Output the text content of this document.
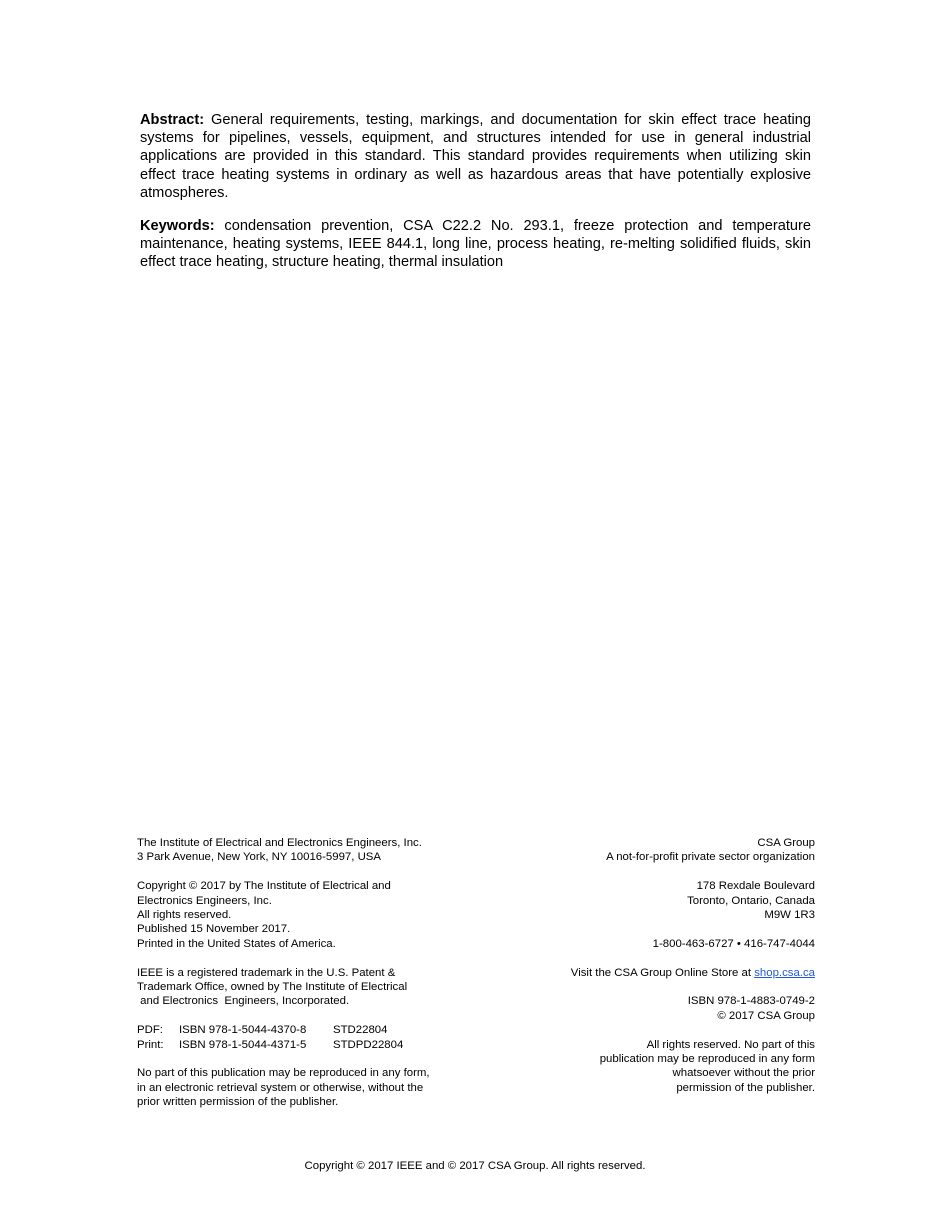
Abstract: General requirements, testing, markings, and documentation for skin effect trace heating systems for pipelines, vessels, equipment, and structures intended for use in general industrial applications are provided in this standard. This standard provides requirements when utilizing skin effect trace heating systems in ordinary as well as hazardous areas that have potentially explosive atmospheres.

Keywords: condensation prevention, CSA C22.2 No. 293.1, freeze protection and temperature maintenance, heating systems, IEEE 844.1, long line, process heating, re-melting solidified fluids, skin effect trace heating, structure heating, thermal insulation

The Institute of Electrical and Electronics Engineers, Inc.
3 Park Avenue, New York, NY 10016-5997, USA
Copyright © 2017 by The Institute of Electrical and
Electronics Engineers, Inc.
All rights reserved.
Published 15 November 2017.
Printed in the United States of America.
IEEE is a registered trademark in the U.S. Patent &
Trademark Office, owned by The Institute of Electrical
and Electronics  Engineers, Incorporated.
PDF: ISBN 978-1-5044-4370-8 STD22804
Print: ISBN 978-1-5044-4371-5 STDPD22804
No part of this publication may be reproduced in any form,
in an electronic retrieval system or otherwise, without the
prior written permission of the publisher.
CSA Group
A not-for-profit private sector organization
178 Rexdale Boulevard
Toronto, Ontario, Canada
M9W 1R3
1-800-463-6727 • 416-747-4044
Visit the CSA Group Online Store at shop.csa.ca
ISBN 978-1-4883-0749-2
© 2017 CSA Group
All rights reserved. No part of this
publication may be reproduced in any form
whatsoever without the prior
permission of the publisher.
Copyright © 2017 IEEE and © 2017 CSA Group. All rights reserved.
